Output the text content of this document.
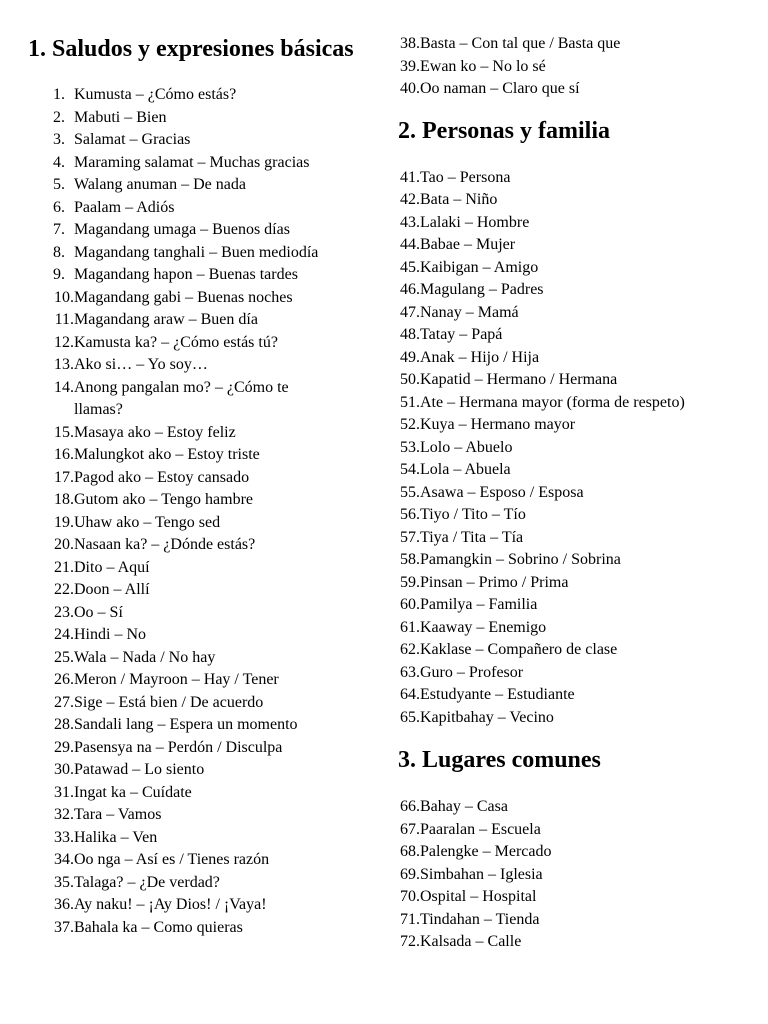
1. Saludos y expresiones básicas
1. Kumusta – ¿Cómo estás?
2. Mabuti – Bien
3. Salamat – Gracias
4. Maraming salamat – Muchas gracias
5. Walang anuman – De nada
6. Paalam – Adiós
7. Magandang umaga – Buenos días
8. Magandang tanghali – Buen mediodía
9. Magandang hapon – Buenas tardes
10. Magandang gabi – Buenas noches
11. Magandang araw – Buen día
12. Kamusta ka? – ¿Cómo estás tú?
13. Ako si… – Yo soy…
14. Anong pangalan mo? – ¿Cómo te llamas?
15. Masaya ako – Estoy feliz
16. Malungkot ako – Estoy triste
17. Pagod ako – Estoy cansado
18. Gutom ako – Tengo hambre
19. Uhaw ako – Tengo sed
20. Nasaan ka? – ¿Dónde estás?
21. Dito – Aquí
22. Doon – Allí
23. Oo – Sí
24. Hindi – No
25. Wala – Nada / No hay
26. Meron / Mayroon – Hay / Tener
27. Sige – Está bien / De acuerdo
28. Sandali lang – Espera un momento
29. Pasensya na – Perdón / Disculpa
30. Patawad – Lo siento
31. Ingat ka – Cuídate
32. Tara – Vamos
33. Halika – Ven
34. Oo nga – Así es / Tienes razón
35. Talaga? – ¿De verdad?
36. Ay naku! – ¡Ay Dios! / ¡Vaya!
37. Bahala ka – Como quieras
38. Basta – Con tal que / Basta que
39. Ewan ko – No lo sé
40. Oo naman – Claro que sí
2. Personas y familia
41. Tao – Persona
42. Bata – Niño
43. Lalaki – Hombre
44. Babae – Mujer
45. Kaibigan – Amigo
46. Magulang – Padres
47. Nanay – Mamá
48. Tatay – Papá
49. Anak – Hijo / Hija
50. Kapatid – Hermano / Hermana
51. Ate – Hermana mayor (forma de respeto)
52. Kuya – Hermano mayor
53. Lolo – Abuelo
54. Lola – Abuela
55. Asawa – Esposo / Esposa
56. Tiyo / Tito – Tío
57. Tiya / Tita – Tía
58. Pamangkin – Sobrino / Sobrina
59. Pinsan – Primo / Prima
60. Pamilya – Familia
61. Kaaway – Enemigo
62. Kaklase – Compañero de clase
63. Guro – Profesor
64. Estudyante – Estudiante
65. Kapitbahay – Vecino
3. Lugares comunes
66. Bahay – Casa
67. Paaralan – Escuela
68. Palengke – Mercado
69. Simbahan – Iglesia
70. Ospital – Hospital
71. Tindahan – Tienda
72. Kalsada – Calle
